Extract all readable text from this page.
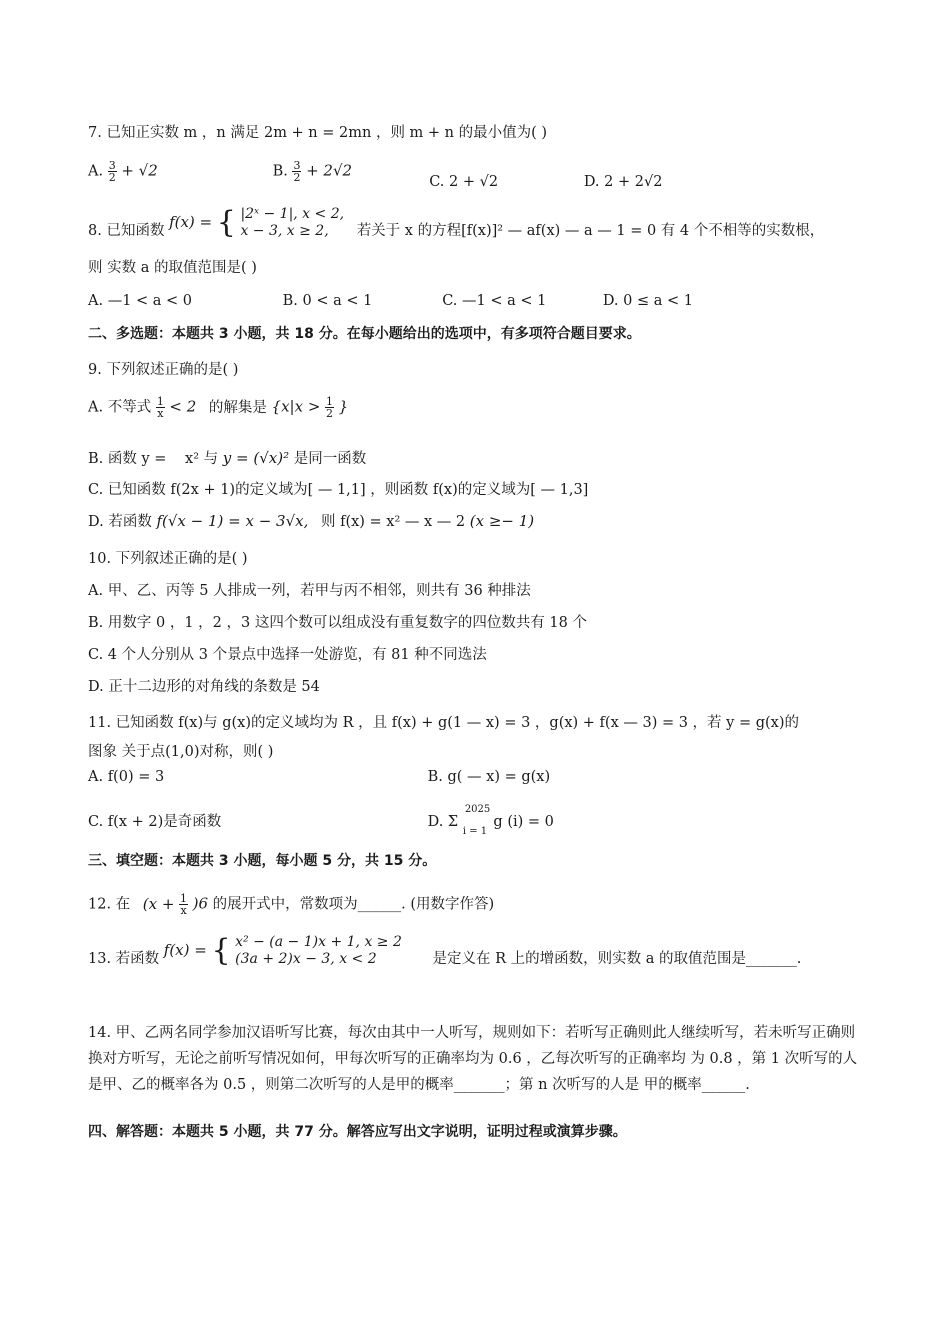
7. 已知正实数 m ，n 满足 2m + n = 2mn ，则 m + n 的最小值为( )
A. $\frac{3}{2} + √2$	B. $\frac{3}{2} + 2√2$ C. 2 + √2	D. 2 + 2√2
8. 已知函数 f(x) = { |2ˣ − 1|, x < 2,
x − 3, x ≥ 2,	若关于 x 的方程[f(x)]² — af(x) — a — 1 = 0 有 4 个不相等的实数根，
则 实数 a 的取值范围是( )
A. —1 < a < 0	B. 0 < a < 1	C. —1 < a < 1	D. 0 ≤ a < 1
二、多选题：本题共 3 小题，共 18 分。在每小题给出的选项中，有多项符合题目要求。
9. 下列叙述正确的是( )
A. 不等式 $\frac{1}{x} < 2$ 的解集是 {$x|x > \frac{1}{2}$ }
B. 函数 y = x² 与 y = (√x)² 是同一函数
C. 已知函数 f(2x + 1)的定义域为[ — 1,1] ，则函数 f(x)的定义域为[ — 1,3]
D. 若函数 f(√x − 1) = x − 3√x, 则 f(x) = x² — x — 2 (x ≥− 1)
10. 下列叙述正确的是( )
A. 甲、乙、丙等 5 人排成一列，若甲与丙不相邻，则共有 36 种排法
B. 用数字 0 ，1 ，2 ，3 这四个数可以组成没有重复数字的四位数共有 18 个
C. 4 个人分别从 3 个景点中选择一处游览，有 81 种不同选法
D. 正十二边形的对角线的条数是 54
11. 已知函数 f(x)与 g(x)的定义域均为 R ，且 f(x) + g(1 — x) = 3 ，g(x) + f(x — 3) = 3 ，若 y = g(x)的
图象 关于点(1,0)对称，则( )
A. f(0) = 3	B. g( — x) = g(x)
C. f(x + 2)是奇函数	D. Σ
2025
i = 1
g (i) = 0
三、填空题：本题共 3 小题，每小题 5 分，共 15 分。
12. 在 $(x + \frac{1}{x} )6$ 的展开式中，常数项为______. (用数字作答)
13. 若函数 f(x) = { x² − (a − 1)x + 1, x ≥ 2
(3a + 2)x − 3, x < 2	是定义在 R 上的增函数，则实数 a 的取值范围是_______.
14. 甲、乙两名同学参加汉语听写比赛，每次由其中一人听写，规则如下：若听写正确则此人继续听写，若未听写正确则换对方听写，无论之前听写情况如何，甲每次听写的正确率均为 0.6 ，乙每次听写的正确率均 为 0.8 ，第 1 次听写的人是甲、乙的概率各为 0.5 ，则第二次听写的人是甲的概率_______；第 n 次听写的人是 甲的概率______.
四、解答题：本题共 5 小题，共 77 分。解答应写出文字说明，证明过程或演算步骤。
